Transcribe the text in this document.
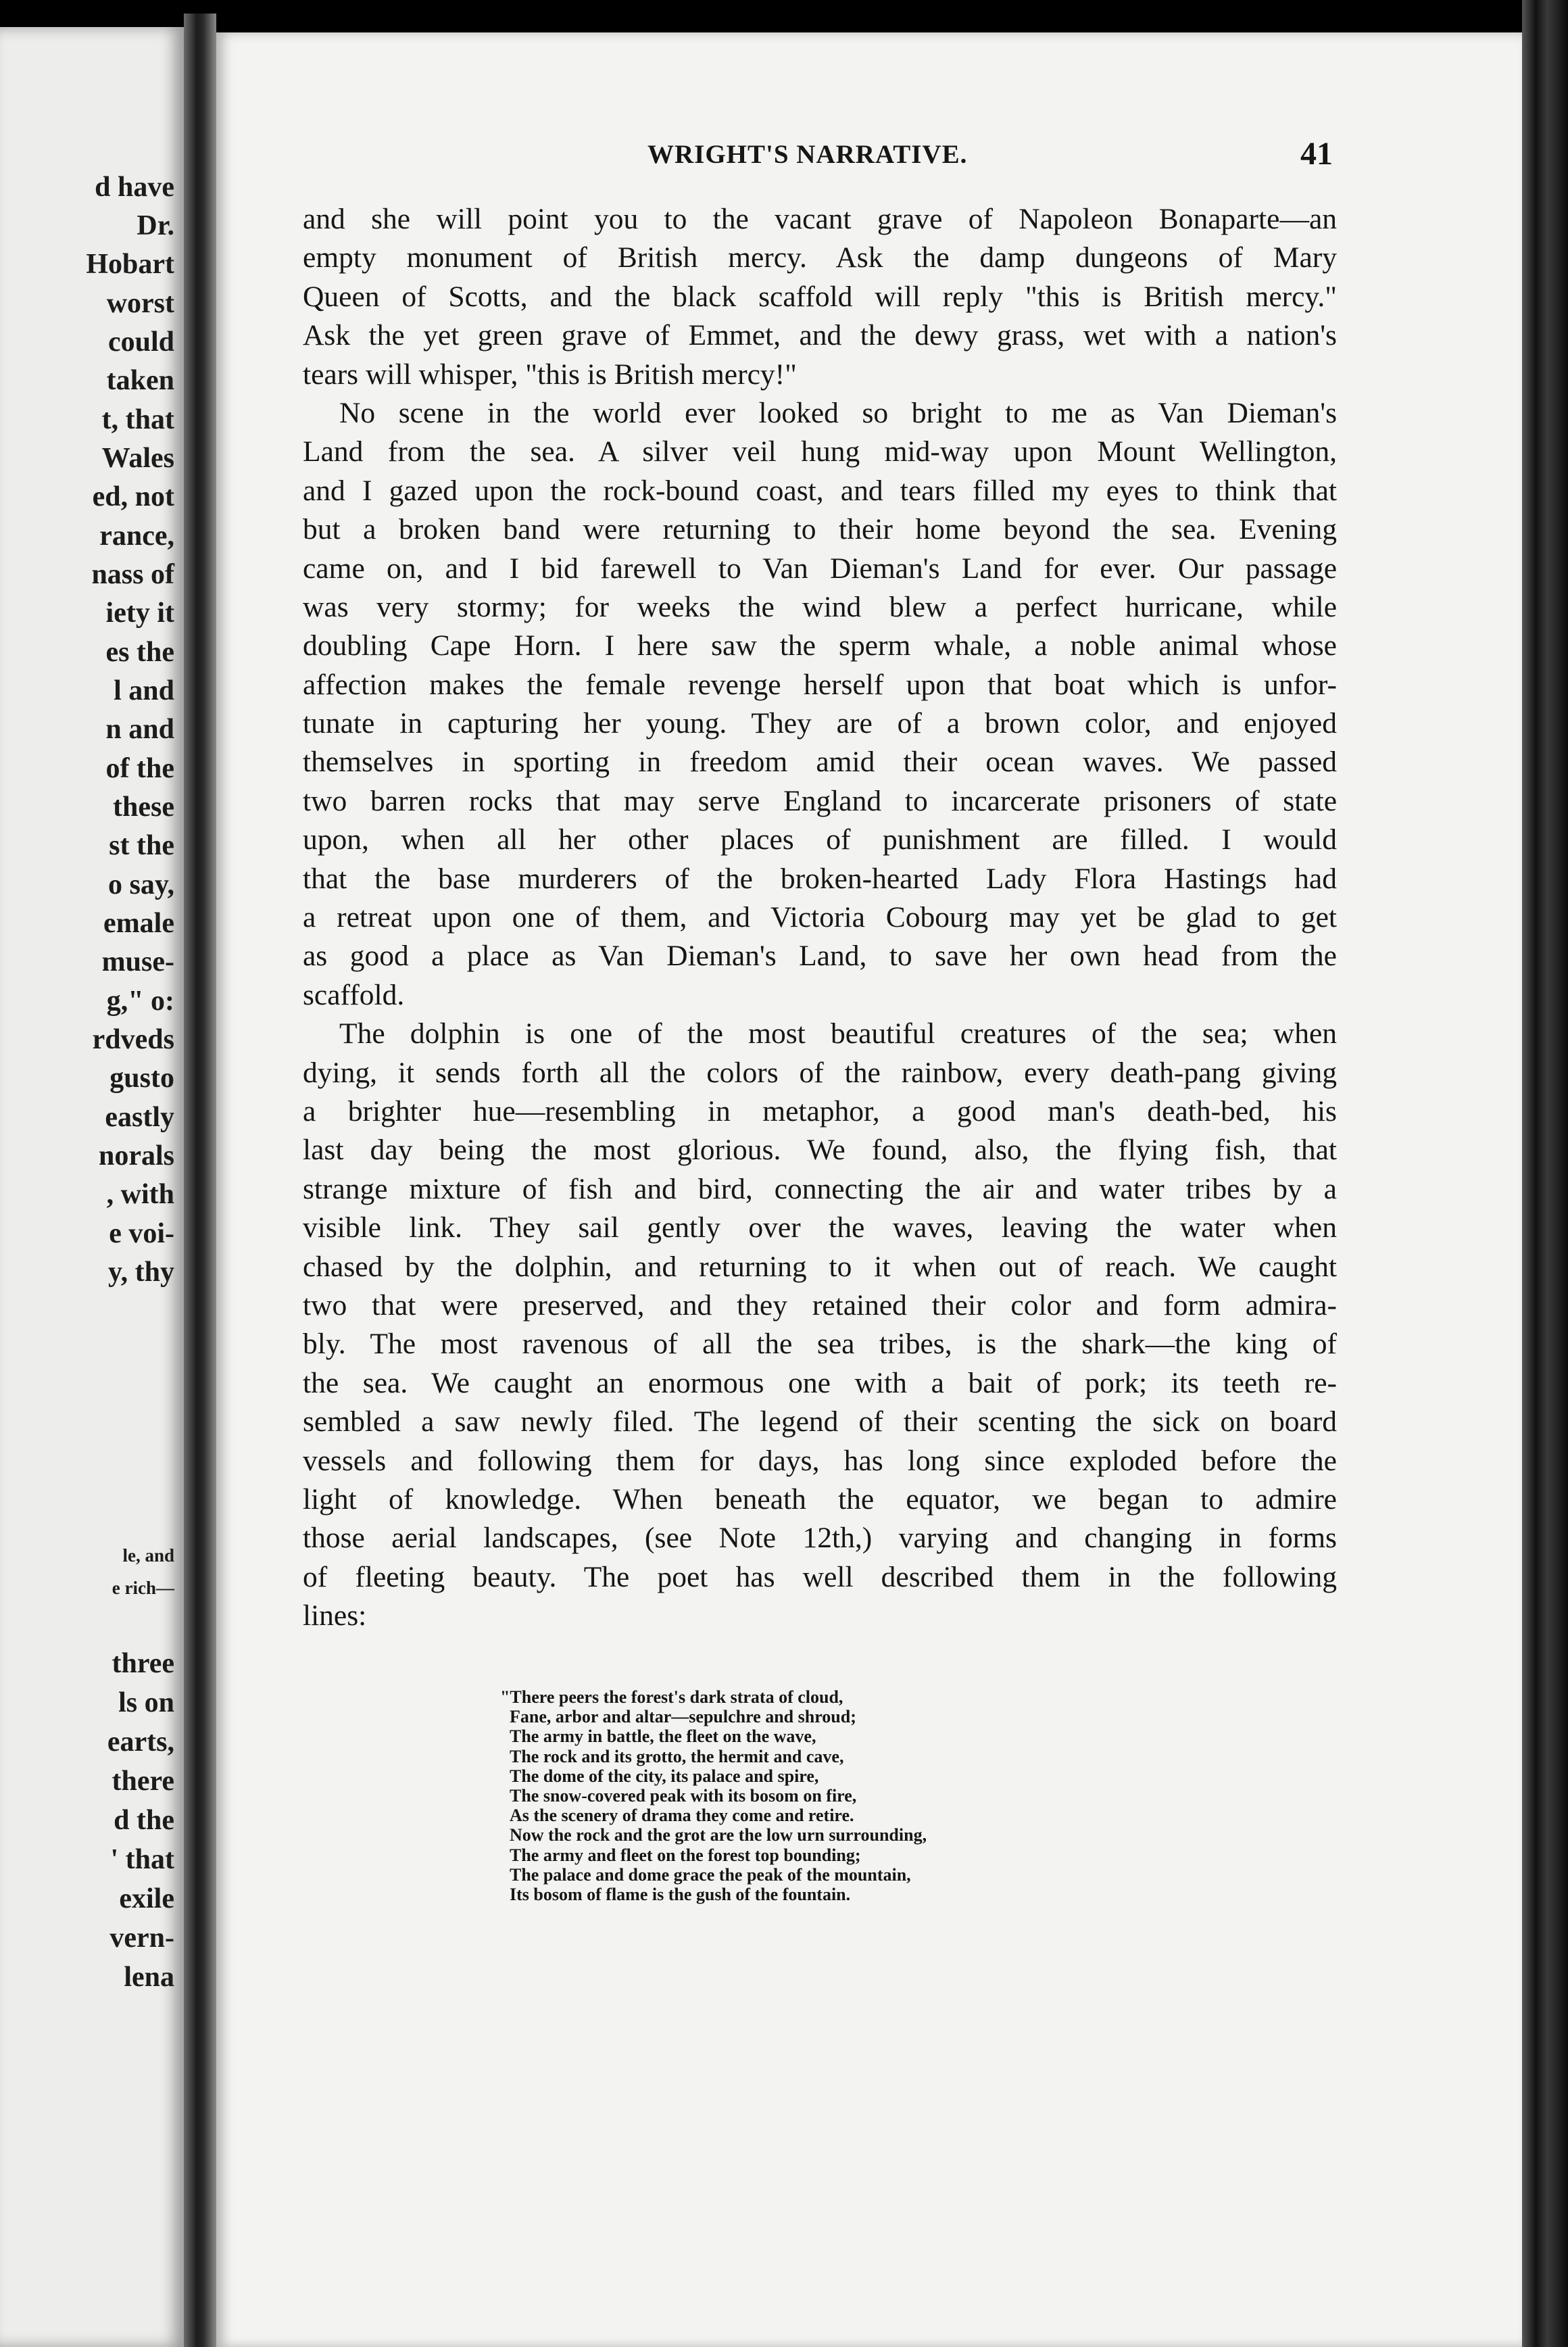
d have
Dr.
Hobart
worst
could
taken
t, that
Wales
ed, not
rance,
nass of
iety it
es the
l and
n and
of the
these
st the
o say,
emale
muse-
g," o:
rdveds
gusto
eastly
norals
, with
e voi-
y, thy
le, and
e rich—
three
ls on
earts,
there
d the
' that
exile
vern-
lena
WRIGHT'S NARRATIVE.	41
and she will point you to the vacant grave of Napoleon Bonaparte—an
empty monument of British mercy. Ask the damp dungeons of Mary
Queen of Scotts, and the black scaffold will reply "this is British mercy."
Ask the yet green grave of Emmet, and the dewy grass, wet with a nation's
tears will whisper, "this is British mercy!"
No scene in the world ever looked so bright to me as Van Dieman's
Land from the sea. A silver veil hung mid-way upon Mount Wellington,
and I gazed upon the rock-bound coast, and tears filled my eyes to think that
but a broken band were returning to their home beyond the sea. Evening
came on, and I bid farewell to Van Dieman's Land for ever. Our passage
was very stormy; for weeks the wind blew a perfect hurricane, while
doubling Cape Horn. I here saw the sperm whale, a noble animal whose
affection makes the female revenge herself upon that boat which is unfor-
tunate in capturing her young. They are of a brown color, and enjoyed
themselves in sporting in freedom amid their ocean waves. We passed
two barren rocks that may serve England to incarcerate prisoners of state
upon, when all her other places of punishment are filled. I would
that the base murderers of the broken-hearted Lady Flora Hastings had
a retreat upon one of them, and Victoria Cobourg may yet be glad to get
as good a place as Van Dieman's Land, to save her own head from the
scaffold.
The dolphin is one of the most beautiful creatures of the sea; when
dying, it sends forth all the colors of the rainbow, every death-pang giving
a brighter hue—resembling in metaphor, a good man's death-bed, his
last day being the most glorious. We found, also, the flying fish, that
strange mixture of fish and bird, connecting the air and water tribes by a
visible link. They sail gently over the waves, leaving the water when
chased by the dolphin, and returning to it when out of reach. We caught
two that were preserved, and they retained their color and form admira-
bly. The most ravenous of all the sea tribes, is the shark—the king of
the sea. We caught an enormous one with a bait of pork; its teeth re-
sembled a saw newly filed. The legend of their scenting the sick on board
vessels and following them for days, has long since exploded before the
light of knowledge. When beneath the equator, we began to admire
those aerial landscapes, (see Note 12th,) varying and changing in forms
of fleeting beauty. The poet has well described them in the following
lines:
"There peers the forest's dark strata of cloud,
Fane, arbor and altar—sepulchre and shroud;
The army in battle, the fleet on the wave,
The rock and its grotto, the hermit and cave,
The dome of the city, its palace and spire,
The snow-covered peak with its bosom on fire,
As the scenery of drama they come and retire.
Now the rock and the grot are the low urn surrounding,
The army and fleet on the forest top bounding;
The palace and dome grace the peak of the mountain,
Its bosom of flame is the gush of the fountain.
